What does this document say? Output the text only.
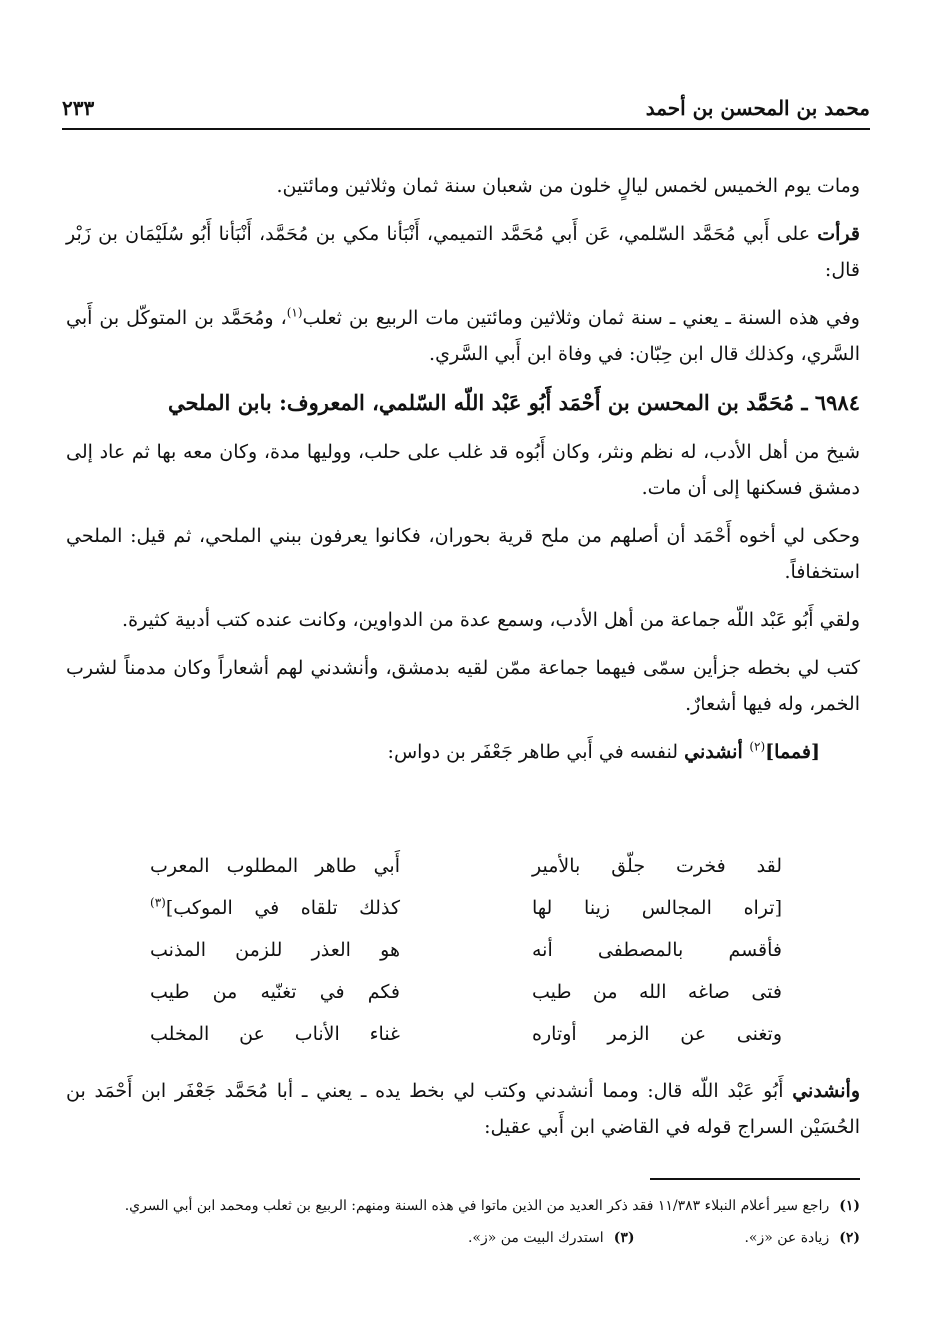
٢٣٣	محمد بن المحسن بن أحمد

ومات يوم الخميس لخمس ليالٍ خلون من شعبان سنة ثمان وثلاثين ومائتين.

قرأت على أَبي مُحَمَّد السّلمي، عَن أَبي مُحَمَّد التميمي، أَنْبَأنا مكي بن مُحَمَّد، أَنْبَأنا أَبُو سُلَيْمَان بن زَبْر قال:

وفي هذه السنة ـ يعني ـ سنة ثمان وثلاثين ومائتين مات الربيع بن ثعلب$^{(١)}$، ومُحَمَّد بن المتوكّل بن أَبي السَّري، وكذلك قال ابن حِبّان: في وفاة ابن أَبي السَّري.

٦٩٨٤ ـ مُحَمَّد بن المحسن بن أَحْمَد أَبُو عَبْد اللّه السّلمي، المعروف: بابن الملحي

شيخ من أهل الأدب، له نظم ونثر، وكان أَبُوه قد غلب على حلب، ووليها مدة، وكان معه بها ثم عاد إلى دمشق فسكنها إلى أن مات.

وحكى لي أخوه أَحْمَد أن أصلهم من ملح قرية بحوران، فكانوا يعرفون ببني الملحي، ثم قيل: الملحي استخفافاً.

ولقي أَبُو عَبْد اللّه جماعة من أهل الأدب، وسمع عدة من الدواوين، وكانت عنده كتب أدبية كثيرة.

كتب لي بخطه جزأين سمّى فيهما جماعة ممّن لقيه بدمشق، وأنشدني لهم أشعاراً وكان مدمناً لشرب الخمر، وله فيها أشعارٌ.

[فمما]$^{(٢)}$ أنشدني لنفسه في أَبي طاهر جَعْفَر بن دواس:

لقد فخرت جلّق بالأمير
أَبي طاهر المطلوب المعرب
[تراه المجالس زينا لها
كذلك تلقاه في الموكب]$^{(٣)}$
فأقسم بالمصطفى أنه
هو العذر للزمن المذنب
فتى صاغه الله من طيب
فكم في تغنّيه من طيب
وتغنى عن الزمر أوتاره
غناء الأناب عن المخلب
وأنشدني أَبُو عَبْد اللّه قال: ومما أنشدني وكتب لي بخط يده ـ يعني ـ أبا مُحَمَّد جَعْفَر ابن أَحْمَد بن الحُسَيْن السراج قوله في القاضي ابن أَبي عقيل:

(١)راجع سير أعلام النبلاء ١١/٣٨٣ فقد ذكر العديد من الذين ماتوا في هذه السنة ومنهم: الربيع بن ثعلب ومحمد ابن أبي السري.

(٢)زيادة عن «ز».

(٣)استدرك البيت من «ز».
